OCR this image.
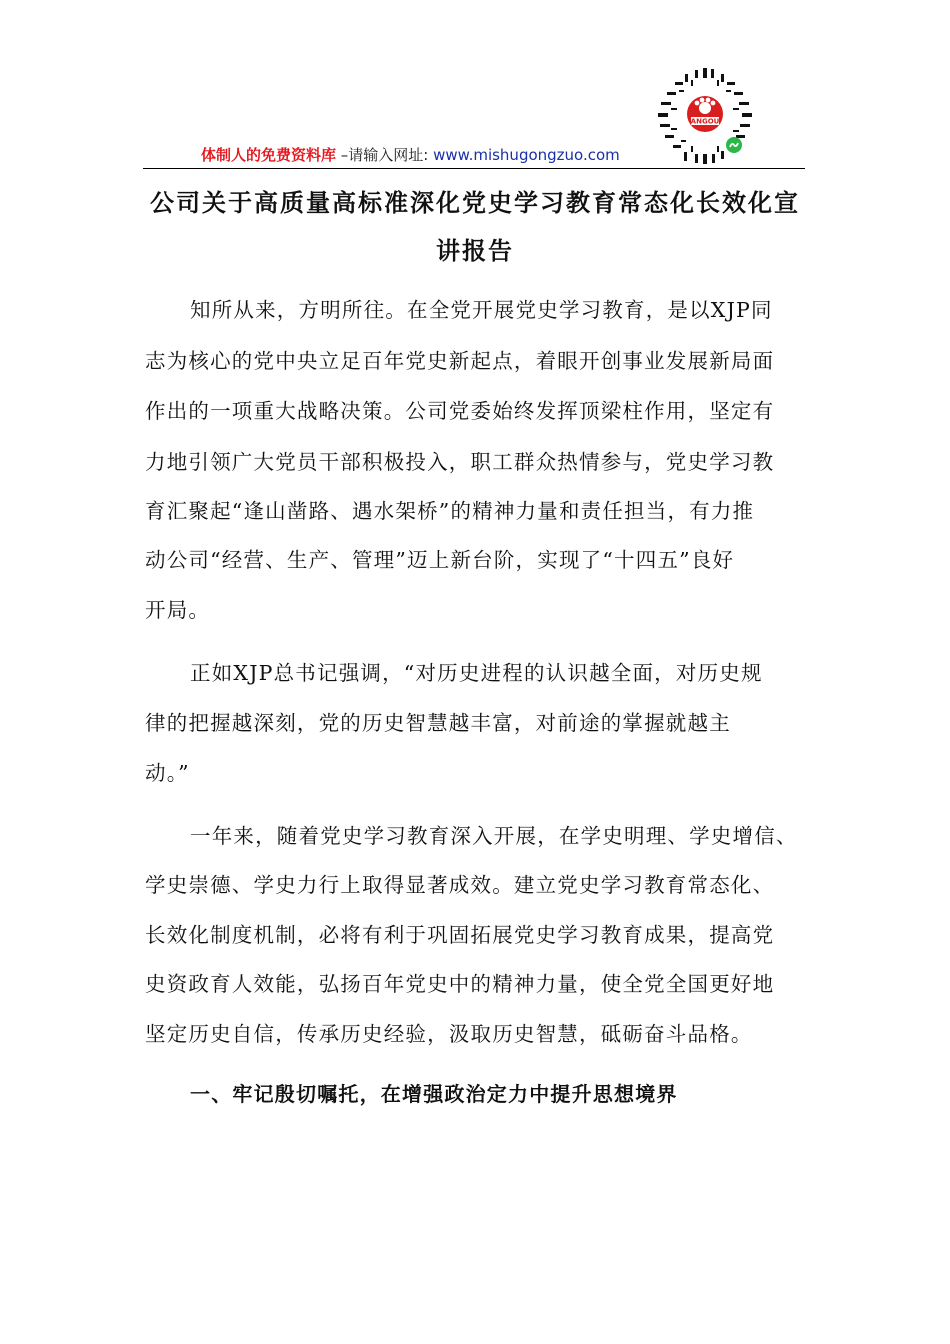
ANGOU
体制人的免费资料库 –请输入网址: www.mishugongzuo.com
公司关于高质量高标准深化党史学习教育常态化长效化宣
讲报告
知所从来，方明所往。在全党开展党史学习教育，是以XJP同
志为核心的党中央立足百年党史新起点，着眼开创事业发展新局面
作出的一项重大战略决策。公司党委始终发挥顶梁柱作用，坚定有
力地引领广大党员干部积极投入，职工群众热情参与，党史学习教
育汇聚起“逢山凿路、遇水架桥”的精神力量和责任担当，有力推
动公司“经营、生产、管理”迈上新台阶，实现了“十四五”良好
开局。
正如XJP总书记强调，“对历史进程的认识越全面，对历史规
律的把握越深刻，党的历史智慧越丰富，对前途的掌握就越主
动。”
一年来，随着党史学习教育深入开展，在学史明理、学史增信、
学史崇德、学史力行上取得显著成效。建立党史学习教育常态化、
长效化制度机制，必将有利于巩固拓展党史学习教育成果，提高党
史资政育人效能，弘扬百年党史中的精神力量，使全党全国更好地
坚定历史自信，传承历史经验，汲取历史智慧，砥砺奋斗品格。
一、牢记殷切嘱托，在增强政治定力中提升思想境界
